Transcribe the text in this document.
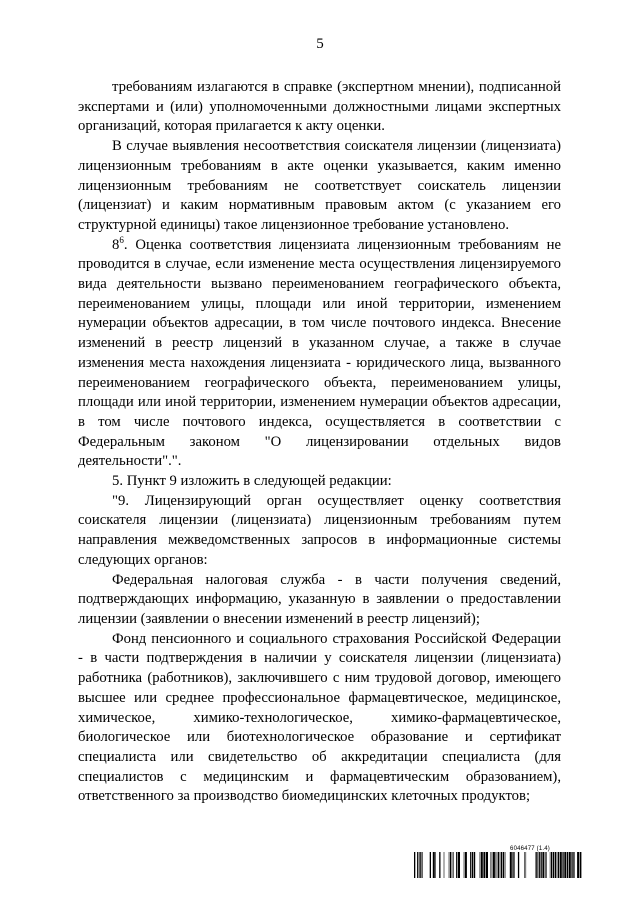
5

требованиям излагаются в справке (экспертном мнении), подписанной экспертами и (или) уполномоченными должностными лицами экспертных организаций, которая прилагается к акту оценки.

В случае выявления несоответствия соискателя лицензии (лицензиата) лицензионным требованиям в акте оценки указывается, каким именно лицензионным требованиям не соответствует соискатель лицензии (лицензиат) и каким нормативным правовым актом (с указанием его структурной единицы) такое лицензионное требование установлено.

$8^6$. Оценка соответствия лицензиата лицензионным требованиям не проводится в случае, если изменение места осуществления лицензируемого вида деятельности вызвано переименованием географического объекта, переименованием улицы, площади или иной территории, изменением нумерации объектов адресации, в том числе почтового индекса. Внесение изменений в реестр лицензий в указанном случае, а также в случае изменения места нахождения лицензиата - юридического лица, вызванного переименованием географического объекта, переименованием улицы, площади или иной территории, изменением нумерации объектов адресации, в том числе почтового индекса, осуществляется в соответствии с Федеральным законом "О лицензировании отдельных видов деятельности".".

5. Пункт 9 изложить в следующей редакции:

"9. Лицензирующий орган осуществляет оценку соответствия соискателя лицензии (лицензиата) лицензионным требованиям путем направления межведомственных запросов в информационные системы следующих органов:

Федеральная налоговая служба - в части получения сведений, подтверждающих информацию, указанную в заявлении о предоставлении лицензии (заявлении о внесении изменений в реестр лицензий);

Фонд пенсионного и социального страхования Российской Федерации - в части подтверждения в наличии у соискателя лицензии (лицензиата) работника (работников), заключившего с ним трудовой договор, имеющего высшее или среднее профессиональное фармацевтическое, медицинское, химическое, химико-технологическое, химико-фармацевтическое, биологическое или биотехнологическое образование и сертификат специалиста или свидетельство об аккредитации специалиста (для специалистов с медицинским и фармацевтическим образованием), ответственного за производство биомедицинских клеточных продуктов;

6046477 (1.4)
